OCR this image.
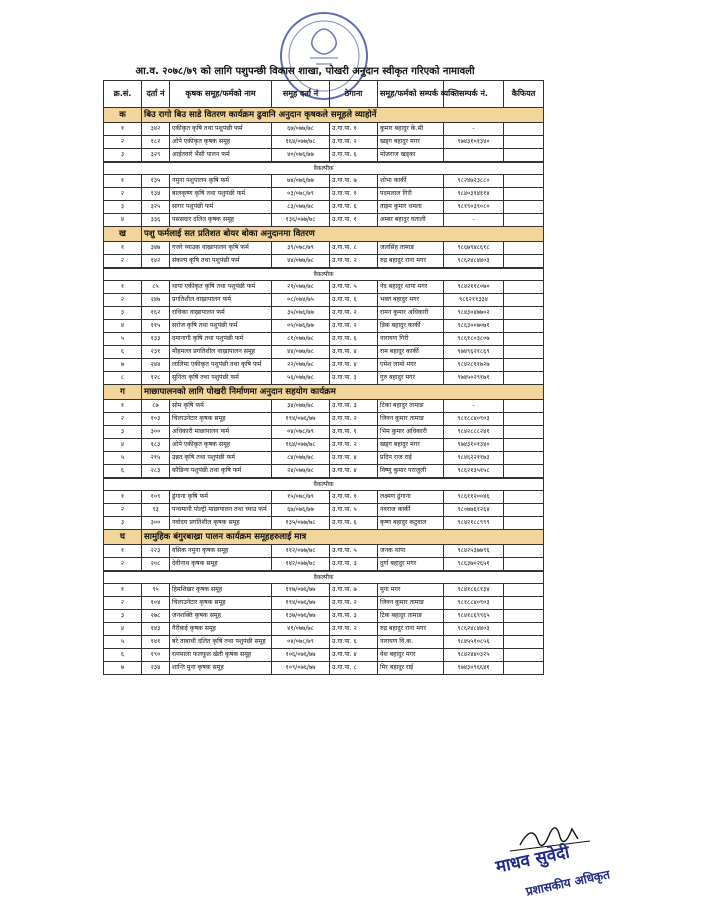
आ.व. २०७८/७९ को लागि पशुपन्छी विकास शाखा, पोखरी अनुदान स्वीकृत गरिएको नामावली
क्र.सं.	दर्ता नं	कृषक समूह/फर्मको नाम	समूह दर्ता नं	ठेगाना	समूह/फर्मको सम्पर्क व्यक्ति	सम्पर्क नं.	कैफियत
क	बिउ रागो बिउ साडे वितरण कार्यक्रम ढुवानि अनुदान कृषकले समूहले व्याहोर्ने						
१	३४२	एकीकृत कृषि तथा पशुपंछी फर्म	६७/०७७/७८	उ.गा.पा. १	कुमार बहादुर के.सी	-	
२	१८२	ओपे एकीकृत कृषक समूह	१६४/०७७/७८	उ.गा.पा. २	खड्ग बहादुर मगर	९७४३१०१३४०	
३	३२९	आईतवारे भैंसी पालन फर्म	४०/०७६/७७	उ.गा.पा. ६	मोजराज खड्का		
वैकल्पीक							
१	१३५	नमुना पशुपालन कृषि फर्म	७४/०७६/७७	उ.गा.पा. ७	शोभा कार्की	९८२४७२३८८०	
२	१३४	बालकृष्ण कृषि तथा पशुपंछी फर्म	०३/०७८/७९	उ.गा.पा. १	पदमलाल गिरी	९८४०३१४११४	
३	३२५	सागर पशुपंछी फर्म	८३/०७७/७८	उ.गा.पा. ६	ताइम कुमार धमला	९८१९०३९०८०	
४	३३६	पससदार दलित कृषक समूह	१३६/०७७/७८	उ.गा.पा. १	अम्बर बहादुर घताली	-	
ख	पशु फर्मलाई सत प्रतिशत बोयर बोका अनुदानमा वितरण						
१	३४७	गजरे व्याउक वाख्रापालन कृषि फर्म	३९/०७८/७९	उ.गा.पा. ८	जलसिंह तामाङ	९८६७९४८६१८	
२	१४२	संकल्प कृषि तथा पशुपंछी फर्म	४४/०७७/७८	उ.गा.पा. २	रुद्र बहादुर राना मगर	९८६२४८४४०३	
वैकल्पीक							
१	८५	थापा एकीकृत कृषि तथा पशुपंछी फर्म	२१/०७७/७८	उ.गा.पा. ५	नेद बहादुर थापा मगर	९८४२११८०७०	
२	२४७	प्रगतिशील वाख्रापालन फर्म	०८/०७४/७५	उ.गा.पा. ६	भक्त बहादुर मगर	९८६२११३३४	
३	१६२	राधिका वाख्रापालन फर्म	३५/०७६/७७	उ.गा.पा. २	रामन कुमार अधिकारी	९८४३०४७७०२	
४	११५	सरोज कृषि तथा पशुपंछी फर्म	०५/०७६/७७	उ.गा.पा. २	डिक बहादुर कार्की	९८६३००७०७१	
५	१३३	दमानागी कृषि तथा पशुपंछी फर्म	८१/०७७/७८	उ.गा.पा. ६	नारायण गिरी	९८६१८०३८०७	
६	२३१	मौहमल्ल प्रगतिशील वाख्रापालन समूह	४४/०७७/७८	उ.गा.पा. ४	राम बहादुर कार्की	९७४९६२१८६९	
७	२४४	लालिमा एकीकृत पशुपंछी तथा कृषि फर्म	२२/०७७/७८	उ.गा.पा. ४	एमेश लामो मगर	९८४२८११७२७	
८	१२८	सुनिता कृषि तथा पशुपंछी फर्म	५६/०७७/७८	उ.गा.पा. ३	गुरु बहादुर मगर	९७४५०२९१७१	
ग	माछापालनको लागि पोखरी निर्माणमा अनुदान सहयोग कार्यक्रम						
१	८७	सोम कृषि फर्म	३४/०७७/७८	उ.गा.पा. ३	टिका बहादुर तामाङ	-	
२	१०३	चिलाउनेटार कृषक समूह	११४/०७६/७७	उ.गा.पा. २	जिवन कुमार तामाङ	९८१८८४०९०३	
३	३००	अधिकारी माछापालन फर्म	०४/०७८/७९	उ.गा.पा. १	भिम कुमार अधिकारी	९८४२८८८२४१	
४	१८३	ओपे एकीकृत कृषक समूह	१६४/०७७/७८	उ.गा.पा. २	खड्ग बहादुर मगर	९७४३१०१३४०	
५	२१५	उन्नत कृषि तथा पशुपंछी फर्म	८४/०७७/७८	उ.गा.पा. ४	प्रदिप राज राई	९८४६२२११७३	
६	२८३	कौडिन्य पशुपंछी तथा कृषि फर्म	२४/०७७/७८	उ.गा.पा. ४	विष्णु कुमार पराजुली	९८६२१३५१५८	
वैकल्पीक							
१	१०९	ढुंगाना कृषि फर्म	१५/०७८/७९	उ.गा.पा. १	लक्ष्मण ढुंगाना	९८६११२००४६	
२	९३	पन्चमानी पोल्ट्री माछापालन तथा च्याउ फर्म	६७/०७६/७७	उ.गा.पा. ५	नवराज कार्की	९८०७७६१२६४	
३	३००	नवोदय प्रगतिशील कृषक समूह	१३५/०७७/७८	उ.गा.पा. ६	कृष्ण बहादुर कटुवाल	९८४२१८८९९९	
घ	सामुहिक बंगुरबाख्रा पालन कार्यक्रम समूहहरुलाई मात्र						
१	२२३	वसिक नमुना कृषक समूह	११२/०७७/७८	उ.गा.पा. ५	जनक थापा	९८४२५३७७९६	
२	२०८	देवीनाथ कृषक समूह	१४२/०७७/७८	उ.गा.पा. ३	दुर्गा बहादुर मगर	९८६३७०२६५१	
वैकल्पीक							
१	९५	हिमशिखर कृषक समूह	११७/०७६/७७	उ.गा.पा. ७	मुना मगर	९८४१८६८१३४	
२	१०४	चिलाउनेटार कृषक समूह	११४/०७६/७७	उ.गा.पा. २	जिवन कुमार तामाङ	९८१८८४०९०३	
३	२७८	जनशक्ति कृषक समूह	१३७/०७६/७७	उ.गा.पा. ३	टिक बहादुर तामाङ	९८४१८६९९६५	
४	१४३	गैरीबाई कृषक समूह	४१/०७७/७८	उ.गा.पा. २	रुद्र बहादुर राना मगर	९८६२४८४४०३	
५	१४१	बरे ताबाथी दलित कृषि तथा पशुपंछी समूह	०४/०७८/७९	उ.गा.पा. ६	नारायण वि.क.	९८४५५१०८५६	
६	१९०	रत्नमाला फलफूल खेती कृषक समूह	१०६/०७६/७७	उ.गा.पा. ४	वेश बहादुर मगर	९८४२४४०३२५	
७	२३४	शान्ति मुना कृषक समूह	१०९/०७६/७७	उ.गा.पा. ८	मिर बहादुर राई	९७४३०९६६४१	
माधव सुवेदी
प्रशासकीय अधिकृत
